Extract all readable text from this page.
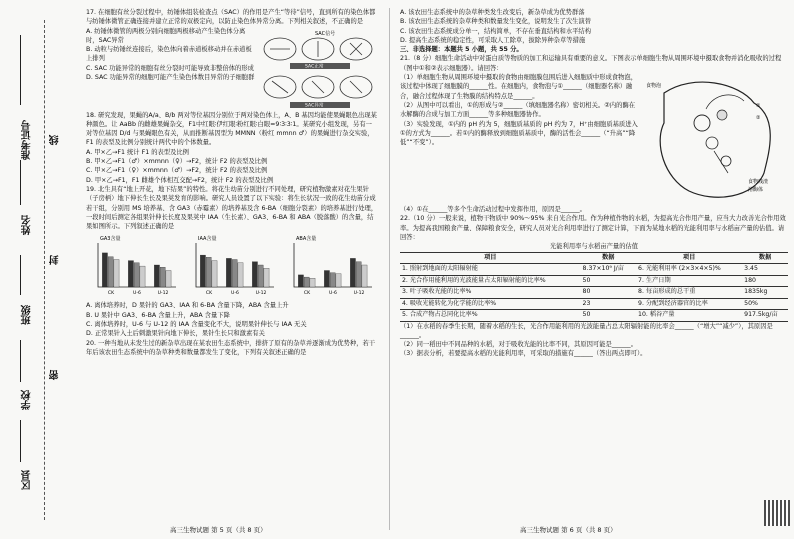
准考证号 线
姓名
封
班级
密
学校
区县

17. 在细胞有丝分裂过程中，纺锤体组装检查点（SAC）的作用是产生“等待”信号，直到所有的染色体都与纺锤体微管正确连接并建立正常的双极定向，以防止染色体异常分离。下列相关叙述，不正确的是

A. 纺锤体微管的两极分别向细胞两极移动产生染色体分离时，SAC异常
B. 动粒与纺锤丝连接后，染色体向着赤道板移动并在赤道板上排列
C. SAC 功能异常的细胞有丝分裂时可能导致非整倍体的形成
D. SAC 功能异常的细胞可能产生染色体数目异常的子细胞群
SAC信号
SAC正常
SAC异常

18. 研究发现，果蝇的A/a、B/b 两对等位基因分别位于两对染色体上，A、B 基因均能使果蝇眼色出现某种颜色。让 AaBb 的雌雄果蝇杂交，F1中红眼∶伊红眼∶粉红眼∶白眼=9∶3∶3∶1。某研究小组发现，另有一对等位基因 D/d 与果蝇眼色有关，从而推断基因型为 MMNN（粉红 mmnn ♂）的果蝇进行杂交实验，F1 的表型及比例分别统计两代中的个体数量。

A. 甲×乙→F1 统计 F1 的表型及比例
B. 甲×乙→F1（♂）×mmnn（♀）→F2，统计 F2 的表型及比例
C. 甲×乙→F1（♀）×mmnn（♂）→F2，统计 F2 的表型及比例
D. 甲×乙→F1，F1 雌雄个体相互交配→F2，统计 F2 的表型及比例

19. 北生具有“地上开花，地下结果”的特性。将花生幼苗分别进行不同处理，研究植物激素对花生果针（子房柄）地下伸长生长及果荚发育的影响。研究人员设置了以下实验：将生长状况一致的花生幼苗分成若干组，分别用 MS 培养基、含 GA3（赤霉素）的培养基及含 6-BA（细胞分裂素）的培养基进行处理，一段时间后测定各组果针伸长长度及果荚中 IAA（生长素）、GA3、6-BA 和 ABA（脱落酸）的含量，结果如图所示。下列叙述正确的是

GA3含量
CK	U-6	U-12
IAA含量
CK	U-6	U-12
ABA含量
CK	U-6	U-12
A. 离体培养时，D 果针的 GA3、IAA 和 6-BA 含量下降，ABA 含量上升
B. U 果针中 GA3、6-BA 含量上升，ABA 含量下降
C. 离体培养时，U-6 与 U-12 的 IAA 含量变化不大，说明果针伸长与 IAA 无关
D. 正常果针入土后刺激果针向地下伸长，果针生长只和激素有关

20. 一种当地从未发生过的新杂草出现在某农田生态系统中，排挤了原有的杂草并逐渐成为优势种，若干年后该农田生态系统中的杂草种类和数量都发生了变化，下列有关叙述正确的是

高三生物试题 第 5 页（共 8 页）
A. 该农田生态系统中的杂草种类发生改变后，新杂草成为优势群落
B. 该农田生态系统的杂草种类和数量发生变化，说明发生了次生演替
C. 该农田生态系统成分单一，结构简单，不存在垂直结构和水平结构
D. 提高生态系统的稳定性，可采取人工除草，拔除异种杂草等措施

三、非选择题：本题共 5 小题，共 55 分。

21.（8 分）细胞生命活动中对蛋白质等物质的加工和运输具有重要的意义。下图表示单细胞生物从周围环境中摄取食物并消化吸收的过程（图中①和②表示细胞器）。请回答：

（1）单细胞生物从周围环境中摄取的食物由细胞膜包围后进入细胞质中形成食物泡，该过程中体现了细胞膜的______性。在细胞内，食物泡与①______（细胞器名称）融合，融合过程体现了生物膜的结构特点是______。

（2）从图中可以看出，①的形成与②______（填细胞器名称）密切相关。②内的酶在水解酶的合成与加工方面______等多种细胞器协作。

（3）实验发现，①内的 pH 约为 5，细胞质基质的 pH 约为 7，H⁺由细胞质基质进入①的方式为______。若①内的酶释放到细胞质基质中，酶的活性会______（“升高”“降低”“不变”）。

食物泡
①
②
食物残渣
溶酶体

（4）①在______等多个生命活动过程中发挥作用，原因是______。

22.（10 分）一般来说，植物干物质中 90%～95% 来自光合作用。作为种植作物的水稻，为提高光合作用产量，应当大力改善光合作用效率。为提高我国粮食产量、保障粮食安全，研究人员对光合利用率进行了测定计算，下面为某地水稻的光能利用率与水稻亩产量的估值。请回答：

光能利用率与水稻亩产量的估值

项目	数据	项目	数据
1. 照射到地面的太阳辐射能	8.37×10⁹ J/亩	6. 光能利用率 (2×3×4×5)%	3.45
2. 光合作用能利用的光波能量占太阳辐射能的比率%	50	7. 生产日期	180
3. 叶子吸收光能的比率%	80	8. 每亩形成的总干重	1835kg
4. 吸收光能转化为化学能的比率%	23	9. 分配到经济器官的比率	50%
5. 合成产物占总同化比率%	50	10. 稻谷产量	917.5kg/亩

（1）在水稻的春季生长期，随着水稻的生长，光合作用能利用的光波能量占总太阳辐射能的比率会______（“增大”“减少”），其原因是______。

（2）同一稻田中不同品种的水稻，对于吸收光能的比率不同，其原因可能是______。

（3）据表分析，若要提高水稻的光能利用率，可采取的措施有______（答出两点即可）。

高三生物试题 第 6 页（共 8 页）
